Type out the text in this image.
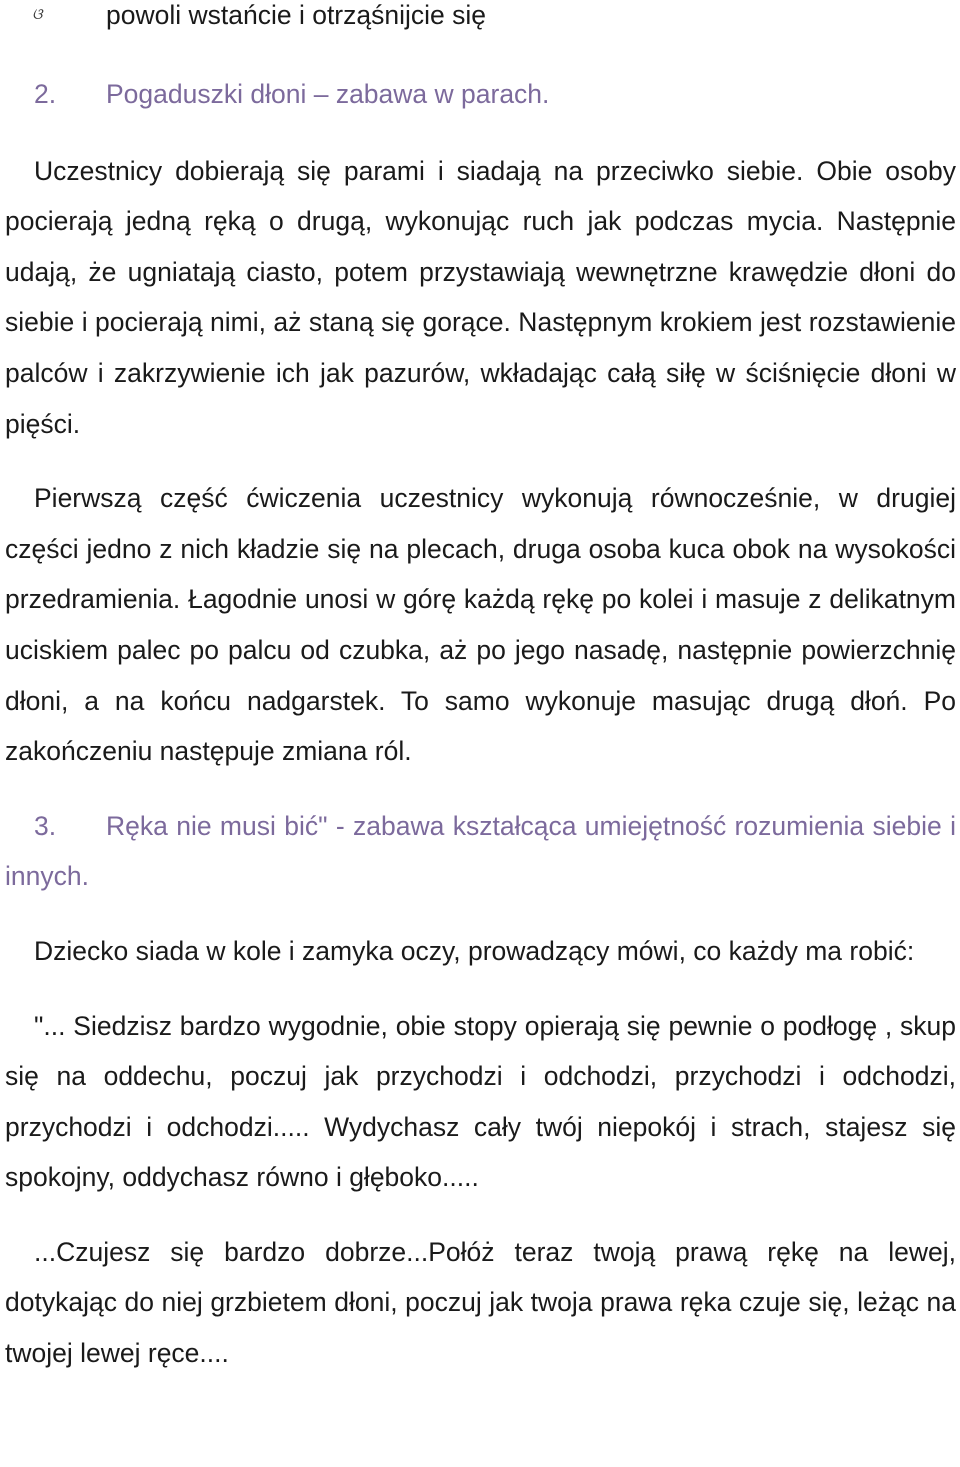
ଓ powoli wstańcie i otrząśnijcie się

2. Pogaduszki dłoni – zabawa w parach.

Uczestnicy dobierają się parami i siadają na przeciwko siebie. Obie osoby pocierają jedną ręką o drugą, wykonując ruch jak podczas mycia. Następnie udają, że ugniatają ciasto, potem przystawiają wewnętrzne krawędzie dłoni do siebie i pocierają nimi, aż staną się gorące. Następnym krokiem jest rozstawienie palców i zakrzywienie ich jak pazurów, wkładając całą siłę w ściśnięcie dłoni w pięści.

Pierwszą część ćwiczenia uczestnicy wykonują równocześnie, w drugiej części jedno z nich kładzie się na plecach, druga osoba kuca obok na wysokości przedramienia. Łagodnie unosi w górę każdą rękę po kolei i masuje z delikatnym uciskiem palec po palcu od czubka, aż po jego nasadę, następnie powierzchnię dłoni, a na końcu nadgarstek. To samo wykonuje masując drugą dłoń. Po zakończeniu następuje zmiana ról.

3. Ręka nie musi bić" - zabawa kształcąca umiejętność rozumienia siebie i innych.

Dziecko siada w kole i zamyka oczy, prowadzący mówi, co każdy ma robić:

"... Siedzisz bardzo wygodnie, obie stopy opierają się pewnie o podłogę , skup się na oddechu, poczuj jak przychodzi i odchodzi, przychodzi i odchodzi, przychodzi i odchodzi..... Wydychasz cały twój niepokój i strach, stajesz się spokojny, oddychasz równo i głęboko.....

...Czujesz się bardzo dobrze...Połóż teraz twoją prawą rękę na lewej, dotykając do niej grzbietem dłoni, poczuj jak twoja prawa ręka czuje się, leżąc na twojej lewej ręce....
